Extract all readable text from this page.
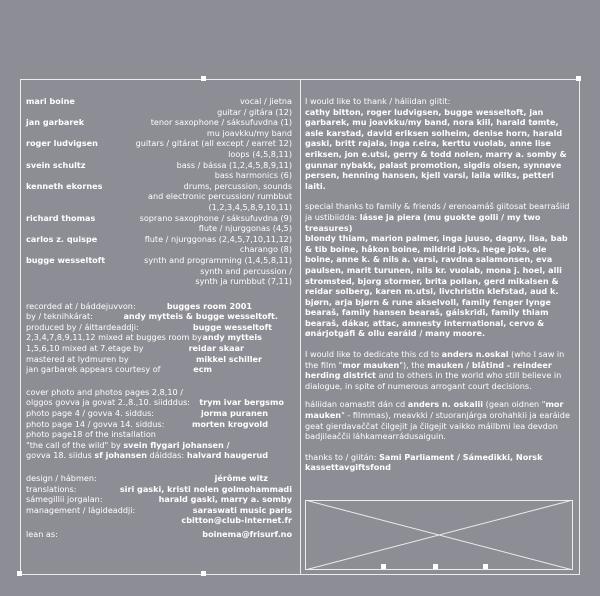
mari boine	vocal / jietna
guitar / gitára (12)
jan garbarek	tenor saxophone / sáksufuvdna (1)
mu joavkku/my band
roger ludvigsen	guitars / gitárat (all except / earret 12)
loops (4,5,8,11)
svein schultz	bass / bássa (1,2,4,5,8,9,11)
bass harmonics (6)
kenneth ekornes	drums, percussion, sounds
and electronic percussion/ rumbbut
(1,2,3,4,5,8,9,10,11)
richard thomas	soprano saxophone / sáksufuvdna (9)
flute / njurggonas (4,5)
carlos z. quispe	flute / njurggonas (2,4,5,7,10,11,12)
charango (8)
bugge wesseltoft	synth and programming (1,4,5,8,11)
synth and percussion /
synth ja rumbbut (7,11)
recorded at / báddejuvvon:	bugges room 2001
by / teknihkárat:	andy mytteis & bugge wesseltoft.
produced by / áittardeaddji:	bugge wesseltoft
2,3,4,7,8,9,11,12 mixed at bugges room by andy mytteis
1,5,6,10 mixed at 7.etage by	reidar skaar
mastered at lydmuren by	mikkel schiller
jan garbarek appears courtesy of	ecm
cover photo and photos pages 2,8,10 /

olggos govva ja govat 2.,8.,10. siidddus:	trym ivar bergsmo
photo page 4 / govva 4. siddus:	jorma puranen
photo page 14 / govva 14. siddus:	morten krogvold
photo page18 of the installation

"the call of the wild" by svein flygari johansen /

govva 18. siidus sf johansen dáiddas: halvard haugerud
design / hábmen:	jérôme witz
translations:	siri gaski, kristi nolen golmohammadi
sámegillii jorgalan:	harald gaski, marry a. somby
management / lágideaddji:	saraswati music paris
cbitton@club-internet.fr
lean as:	boinema@frisurf.no

I would like to thank / háliidan giitit:

cathy bitton, roger ludvigsen, bugge wesseltoft, jan garbarek, mu joavkku/my band, nora kiil, harald tømte, asle karstad, david eriksen solheim, denise horn, harald gaski, britt rajala, inga r.eira, kerttu vuolab, anne lise eriksen, jon e.utsi, gerry & todd nolen, marry a. somby & gunnar nybakk, palast promotion, sigdis olsen, synnøve persen, henning hansen, kjell varsi, laila wilks, petteri laiti.

special thanks to family & friends / erenoamáš giitosat bearrašiid ja ustibiidda: lásse ja piera (mu guokte golli / my two treasures)

blondy thiam, marion palmer, inga juuso, dagny, lisa, bab & tib boine, håkon boine, mildrid joks, hege joks, ole boine, anne k. & nils a. varsi, ravdna salamonsen, eva paulsen, marit turunen, nils kr. vuolab, mona j. hoel, alli stromsted, bjorg stormer, brita pollan, gerd mikalsen & reidar solberg, karen m.utsi, livchristin klefstad, aud k. bjørn, arja bjørn & rune akselvoll, family fenger lynge bearaš, family hansen bearaš, gáiskridi, family thiam bearaš, dákar, attac, amnesty international, cervo & ønárjotgáfi & ollu earáid / many moore.

I would like to dedicate this cd to anders n.oskal (who I saw in the film "mor mauken"), the mauken / blåtind - reindeer herding district and to others in the world who still believe in dialogue, in spite of numerous arrogant court decisions.

háliidan oamastit dán cd anders n. oskalii (gean oidnen "mor mauken" - filmmas), meavkki / stuoranjárga orohahkii ja earáide geat gierdavaččat čilgejit ja čilgejit vaikko máilbmi lea devdon badjileaččii láhkamearrádusaiguin.

thanks to / giitán: Sami Parliament / Sámedikki, Norsk kassettavgiftsfond
